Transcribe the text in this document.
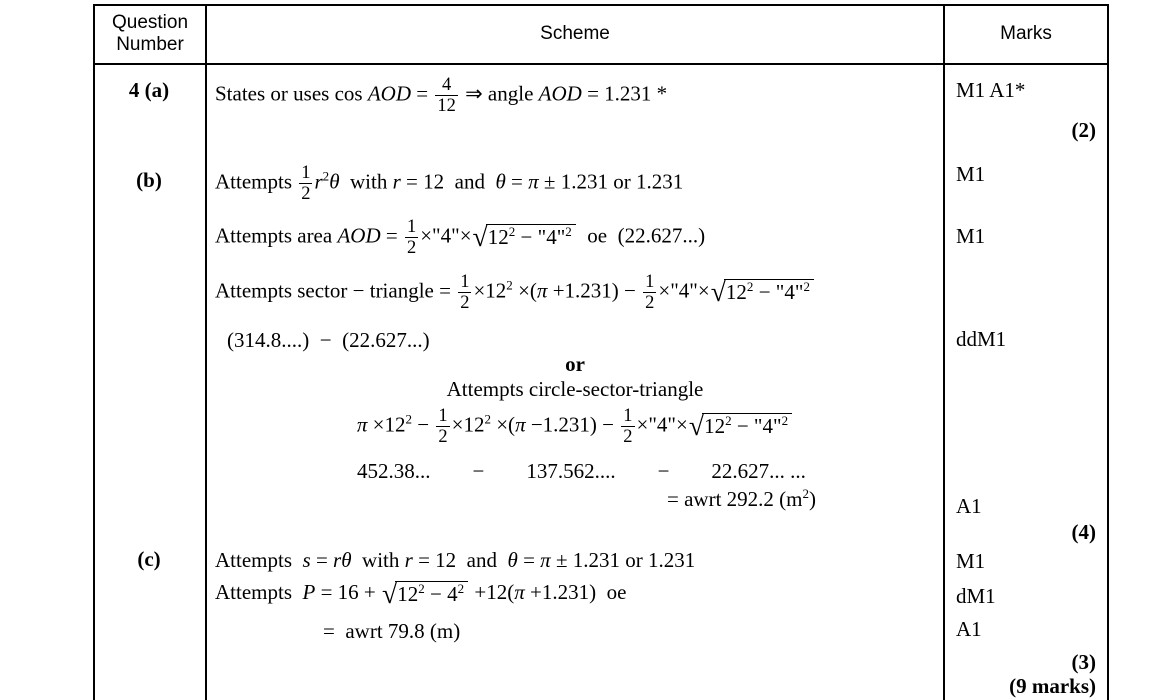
Question Number
Scheme	Marks
4 (a)
(b)
(c)
States or uses cos AOD = $\frac{4}{12}$ ⇒ angle AOD = 1.231 *
Attempts $\frac{1}{2} r^2\theta$  with r = 12  and  θ = π ± 1.231 or 1.231
Attempts area AOD = $\frac{1}{2}$ ×"4"× √ $12^2$ − "4"$^2$ oe  (22.627...)
Attempts sector − triangle = $\frac{1}{2} \times 12^2 \times(\pi +1.231) - \frac{1}{2}$ ×"4"× √ $12^2$ − "4"$^2$
(314.8....)  −  (22.627...)
or
Attempts circle-sector-triangle
$\pi \times 12^2 - \frac{1}{2} \times 12^2 \times(\pi -1.231) - \frac{1}{2}$ ×"4"× √ $12^2$ − "4"$^2$
452.38...  −  137.562....  −  22.627... ...
= awrt 292.2 $(m^2)$
Attempts  s = rθ  with r = 12  and  θ = π ± 1.231 or 1.231
Attempts  P = 16 + √ $12^2 - 4^2 +12(\pi +1.231)$  oe
=  awrt 79.8 (m)
M1 A1*
(2)
M1
M1
ddM1
A1
(4)
M1
dM1
A1
(3)
(9 marks)
